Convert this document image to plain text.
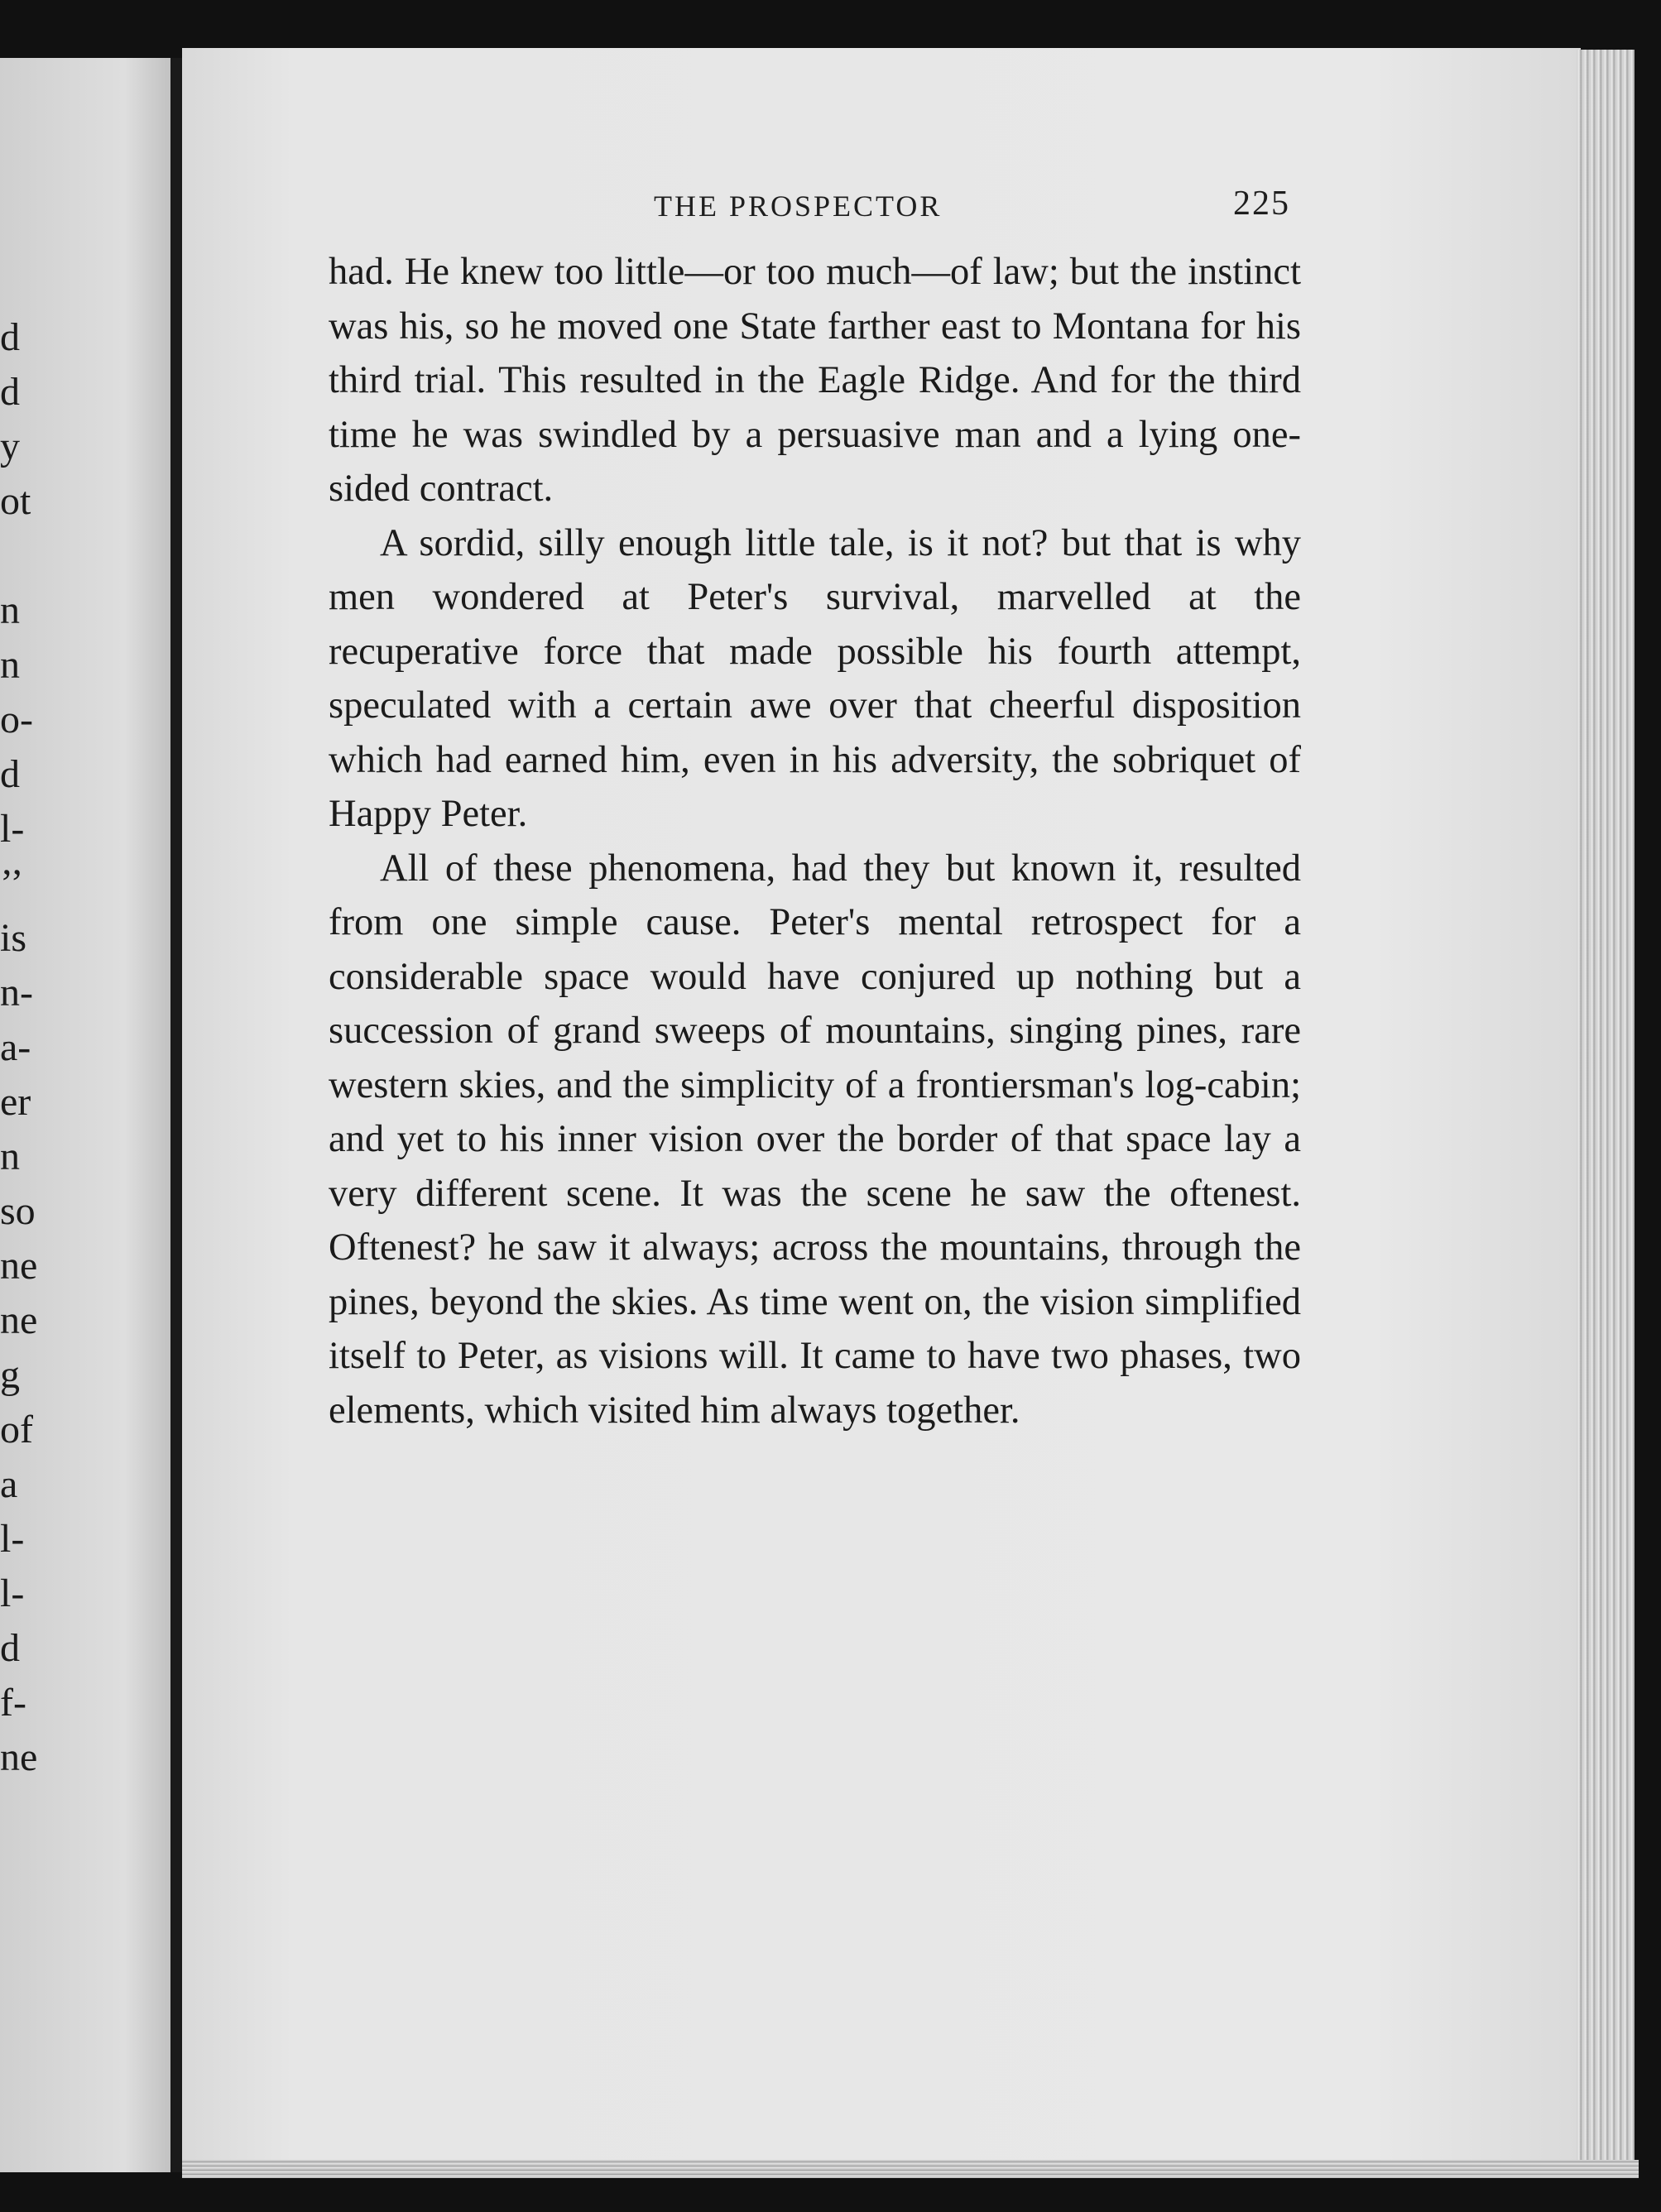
d
d
y
ot
n
n
o-
d
l-
’’
is
n-
a-
er
n
so
ne
ne
g
of
a
l-
l-
d
f-
ne
THE PROSPECTOR	225

had. He knew too little—or too much—of law; but the instinct was his, so he moved one State farther east to Montana for his third trial. This resulted in the Eagle Ridge. And for the third time he was swindled by a persuasive man and a lying one-sided contract.

A sordid, silly enough little tale, is it not? but that is why men wondered at Peter's survival, marvelled at the recuperative force that made possible his fourth attempt, speculated with a certain awe over that cheerful disposition which had earned him, even in his adversity, the sobriquet of Happy Peter.

All of these phenomena, had they but known it, resulted from one simple cause. Peter's mental retrospect for a considerable space would have conjured up nothing but a succession of grand sweeps of mountains, singing pines, rare western skies, and the simplicity of a frontiersman's log-cabin; and yet to his inner vision over the border of that space lay a very different scene. It was the scene he saw the oftenest. Oftenest? he saw it always; across the mountains, through the pines, beyond the skies. As time went on, the vision simplified itself to Peter, as visions will. It came to have two phases, two elements, which visited him always together.
